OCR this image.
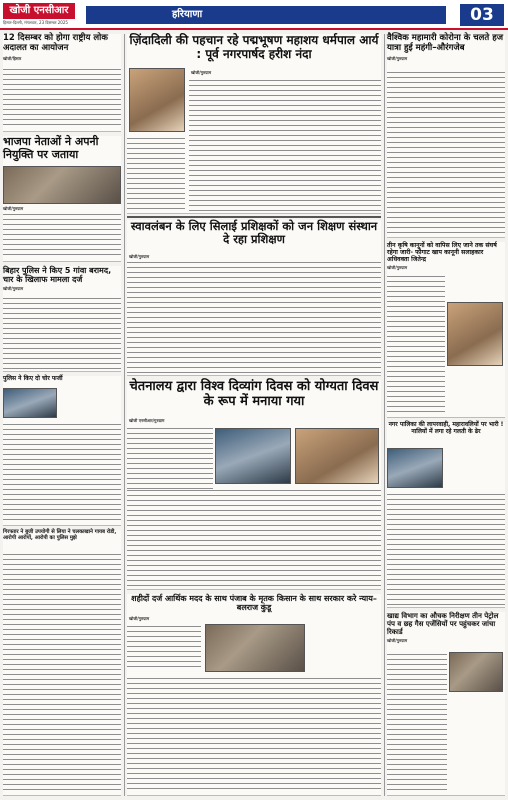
खोजी एनसीआर
हिसार-दिल्ली, मंगलवार, 23 दिसम्बर 2025
हरियाणा	03
12 दिसम्बर को होगा राष्ट्रीय लोक अदालत का आयोजन
खोजी/हिसार
भाजपा नेताओं ने अपनी नियुक्ति पर जताया
खोजी/गुरुग्राम
बिहार पुलिस ने किए 5 गांवा बरामद, चार के खिलाफ मामला दर्ज
खोजी/गुरुग्राम
पुलिस ने किए दो चोर फर्जी
गिरफ्तार ने बुजी उपयोगी से लिया ने चलकाखाने गायब रोडी, आरोपी आरोपों, आरोपी का पुलिस मुझे
ज़िंदादिली की पहचान रहे पद्मभूषण महाशय धर्मपाल आर्य : पूर्व नगरपार्षद हरीश नंदा
खोजी/गुरुग्राम
स्वावलंबन के लिए सिलाई प्रशिक्षकों को जन शिक्षण संस्थान दे रहा प्रशिक्षण
खोजी/गुरुग्राम
चेतनालय द्वारा विश्व दिव्यांग दिवस को योग्यता दिवस के रूप में मनाया गया
खोजी एनसीआर/गुरुग्राम
शहीदों दर्ज आर्थिक मदद के साथ पंजाब के मृतक किसान के साथ सरकार करे न्याय–बलराज कुंडू
खोजी/गुरुग्राम
वैश्विक महामारी कोरोना के चलते हज यात्रा हुई महंगी–औरंगजेब
खोजी/गुरुग्राम
तीन कृषि कानूनों को वापिस लिए जाने तक संघर्ष रहेगा जारी- फौगाट खाप कानूनी सलाहकार अधिवक्ता जितेन्द्र
खोजी/गुरुग्राम
नगर पालिका की लापरवाही, महारावलियों पर भारी ! नालियों में लगा रहे गलती के ढेर
खाद्य विभाग का औचक निरीक्षण तीन पेट्रोल पंप व छह गैस एजेंसियों पर पहुंचकर जांचा रिकार्ड
खोजी/गुरुग्राम
